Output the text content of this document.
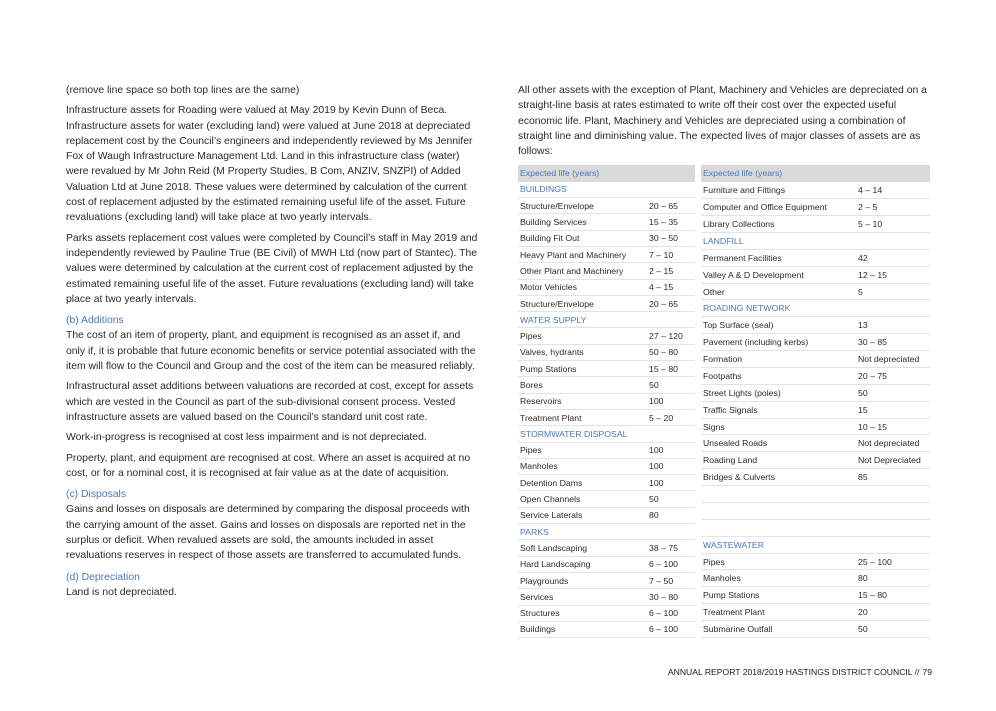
(remove line space so both top lines are the same)

Infrastructure assets for Roading were valued at May 2019 by Kevin Dunn of Beca. Infrastructure assets for water (excluding land) were valued at June 2018 at depreciated replacement cost by the Council’s engineers and independently reviewed by Ms Jennifer Fox of Waugh Infrastructure Management Ltd. Land in this infrastructure class (water) were revalued by Mr John Reid (M Property Studies, B Com, ANZIV, SNZPI) of Added Valuation Ltd at June 2018. These values were determined by calculation of the current cost of replacement adjusted by the estimated remaining useful life of the asset. Future revaluations (excluding land) will take place at two yearly intervals.

Parks assets replacement cost values were completed by Council’s staff in May 2019 and independently reviewed by Pauline True (BE Civil) of MWH Ltd (now part of Stantec). The values were determined by calculation at the current cost of replacement adjusted by the estimated remaining useful life of the asset. Future revaluations (excluding land) will take place at two yearly intervals.

(b) Additions

The cost of an item of property, plant, and equipment is recognised as an asset if, and only if, it is probable that future economic benefits or service potential associated with the item will flow to the Council and Group and the cost of the item can be measured reliably.

Infrastructural asset additions between valuations are recorded at cost, except for assets which are vested in the Council as part of the sub-divisional consent process. Vested infrastructure assets are valued based on the Council’s standard unit cost rate.

Work-in-progress is recognised at cost less impairment and is not depreciated.

Property, plant, and equipment are recognised at cost. Where an asset is acquired at no cost, or for a nominal cost, it is recognised at fair value as at the date of acquisition.

(c) Disposals

Gains and losses on disposals are determined by comparing the disposal proceeds with the carrying amount of the asset. Gains and losses on disposals are reported net in the surplus or deficit. When revalued assets are sold, the amounts included in asset revaluations reserves in respect of those assets are transferred to accumulated funds.

(d) Depreciation

Land is not depreciated.

All other assets with the exception of Plant, Machinery and Vehicles are depreciated on a straight-line basis at rates estimated to write off their cost over the expected useful economic life. Plant, Machinery and Vehicles are depreciated using a combination of straight line and diminishing value. The expected lives of major classes of assets are as follows:

Expected life (years)	
BUILDINGS	
Structure/Envelope	20 – 65
Building Services	15 – 35
Building Fit Out	30 – 50
Heavy Plant and Machinery	7 – 10
Other Plant and Machinery	2 – 15
Motor Vehicles	4 – 15
Structure/Envelope	20 – 65
WATER SUPPLY	
Pipes	27 – 120
Valves, hydrants	50 – 80
Pump Stations	15 – 80
Bores	50
Reservoirs	100
Treatment Plant	5 – 20
STORMWATER DISPOSAL	
Pipes	100
Manholes	100
Detention Dams	100
Open Channels	50
Service Laterals	80
PARKS	
Soft Landscaping	38 – 75
Hard Landscaping	6 – 100
Playgrounds	7 – 50
Services	30 – 80
Structures	6 – 100
Buildings	6 – 100
Expected life (years)	
Furniture and Fittings	4 – 14
Computer and Office Equipment	2 – 5
Library Collections	5 – 10
LANDFILL	
Permanent Facilities	42
Valley A & D Development	12 – 15
Other	5
ROADING NETWORK	
Top Surface (seal)	13
Pavement (including kerbs)	30 – 85
Formation	Not depreciated
Footpaths	20 – 75
Street Lights (poles)	50
Traffic Signals	15
Signs	10 – 15
Unsealed Roads	Not depreciated
Roading Land	Not Depreciated
Bridges & Culverts	85

WASTEWATER	
Pipes	25 – 100
Manholes	80
Pump Stations	15 – 80
Treatment Plant	20
Submarine Outfall	50
ANNUAL REPORT 2018/2019 HASTINGS DISTRICT COUNCIL // 79
